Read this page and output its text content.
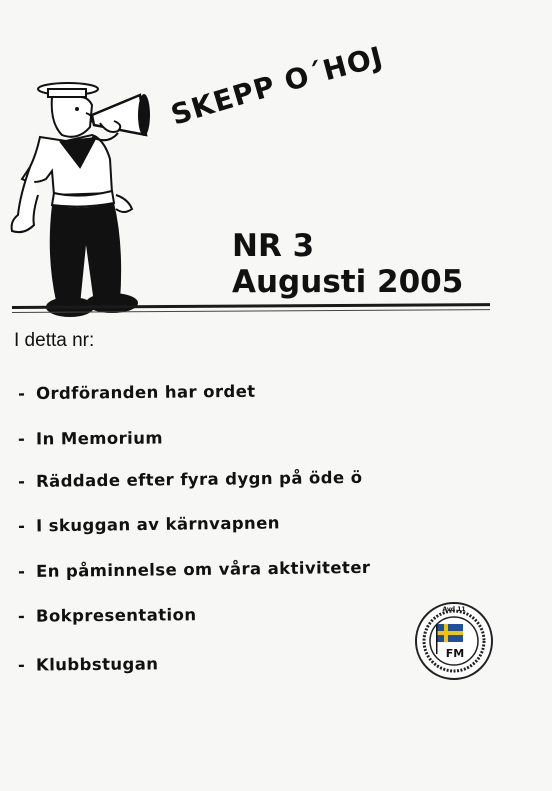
SKEPP O´HOJ
NR 3
Augusti 2005
I detta nr:
- Ordföranden har ordet
- In Memorium
- Räddade efter fyra dygn på öde ö
- I skuggan av kärnvapnen
- En påminnelse om våra aktiviteter
- Bokpresentation
- Klubbstugan
Avd 11
FM
